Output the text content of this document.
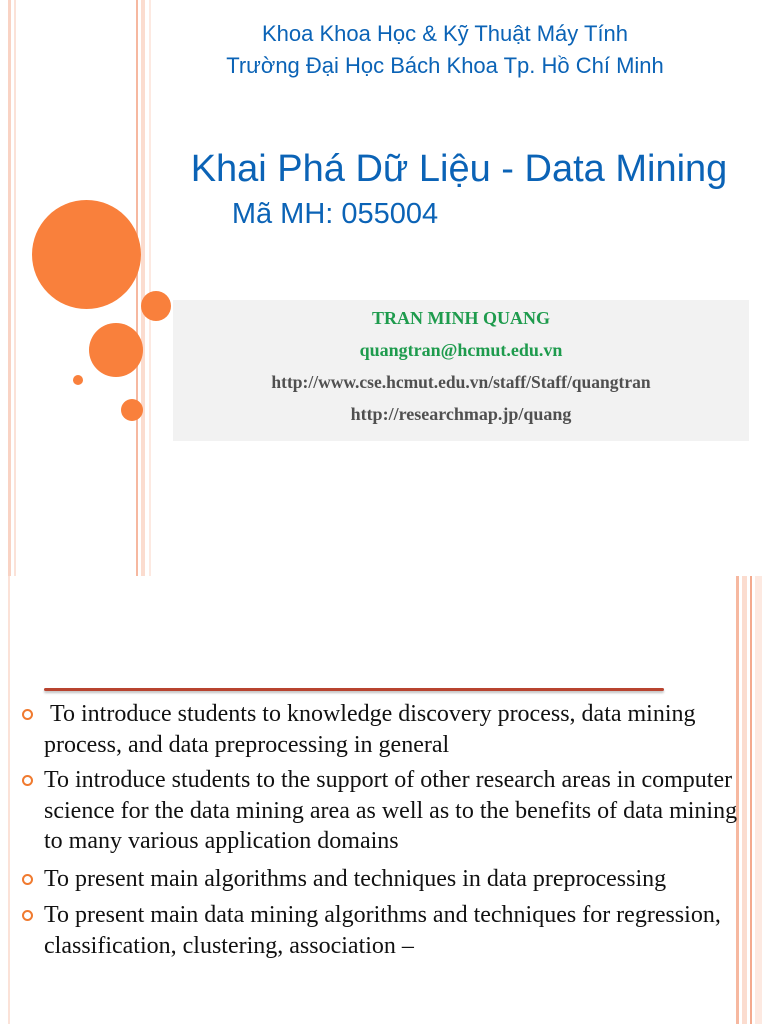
Khoa Khoa Học & Kỹ Thuật Máy Tính
Trường Đại Học Bách Khoa Tp. Hồ Chí Minh
Khai Phá Dữ Liệu - Data Mining
Mã MH: 055004
TRAN MINH QUANG
quangtran@hcmut.edu.vn
http://www.cse.hcmut.edu.vn/staff/Staff/quangtran
http://researchmap.jp/quang
To introduce students to knowledge discovery process, data mining process, and data preprocessing in general
To introduce students to the support of other research areas in computer science for the data mining area as well as to the benefits of data mining to many various application domains
To present main algorithms and techniques in data preprocessing
To present main data mining algorithms and techniques for regression, classification, clustering, association –
